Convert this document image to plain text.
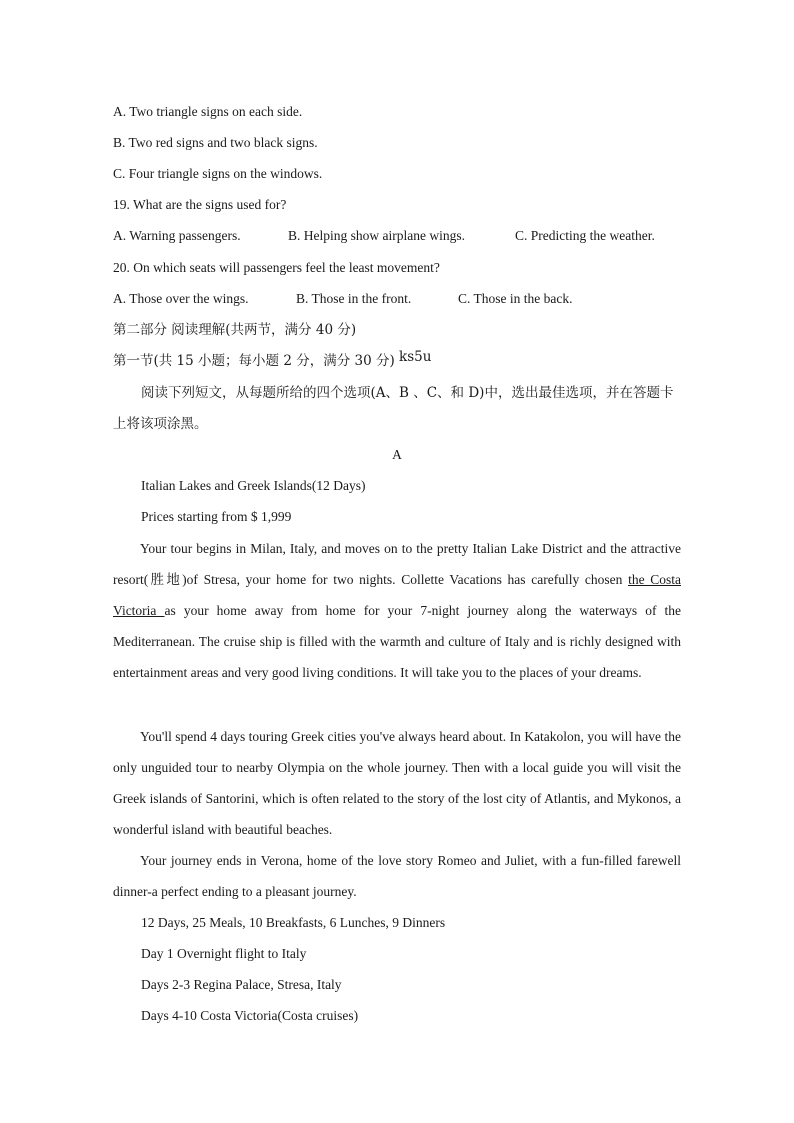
A. Two triangle signs on each side.
B. Two red signs and two black signs.
C. Four triangle signs on the windows.
19. What are the signs used for?
A. Warning passengers.	B. Helping show airplane wings.	C. Predicting the weather.
20. On which seats will passengers feel the least movement?
A. Those over the wings.	B. Those in the front.	C. Those in the back.
第二部分 阅读理解(共两节，满分 40 分)
第一节(共 15 小题；每小题 2 分，满分 30 分) ks5u
阅读下列短文，从每题所给的四个选项(A、B 、C、和 D)中，选出最佳选项，并在答题卡
上将该项涂黑。
A
Italian Lakes and Greek Islands(12 Days)
Prices starting from $ 1,999
Your tour begins in Milan, Italy, and moves on to the pretty Italian Lake District and the attractive resort(胜地)of Stresa, your home for two nights. Collette Vacations has carefully chosen the Costa Victoria as your home away from home for your 7-night journey along the waterways of the Mediterranean. The cruise ship is filled with the warmth and culture of Italy and is richly designed with entertainment areas and very good living conditions. It will take you to the places of your dreams.
You'll spend 4 days touring Greek cities you've always heard about. In Katakolon, you will have the only unguided tour to nearby Olympia on the whole journey. Then with a local guide you will visit the Greek islands of Santorini, which is often related to the story of the lost city of Atlantis, and Mykonos, a wonderful island with beautiful beaches.
Your journey ends in Verona, home of the love story Romeo and Juliet, with a fun-filled farewell dinner-a perfect ending to a pleasant journey.
12 Days, 25 Meals, 10 Breakfasts, 6 Lunches, 9 Dinners
Day 1 Overnight flight to Italy
Days 2-3 Regina Palace, Stresa, Italy
Days 4-10 Costa Victoria(Costa cruises)
